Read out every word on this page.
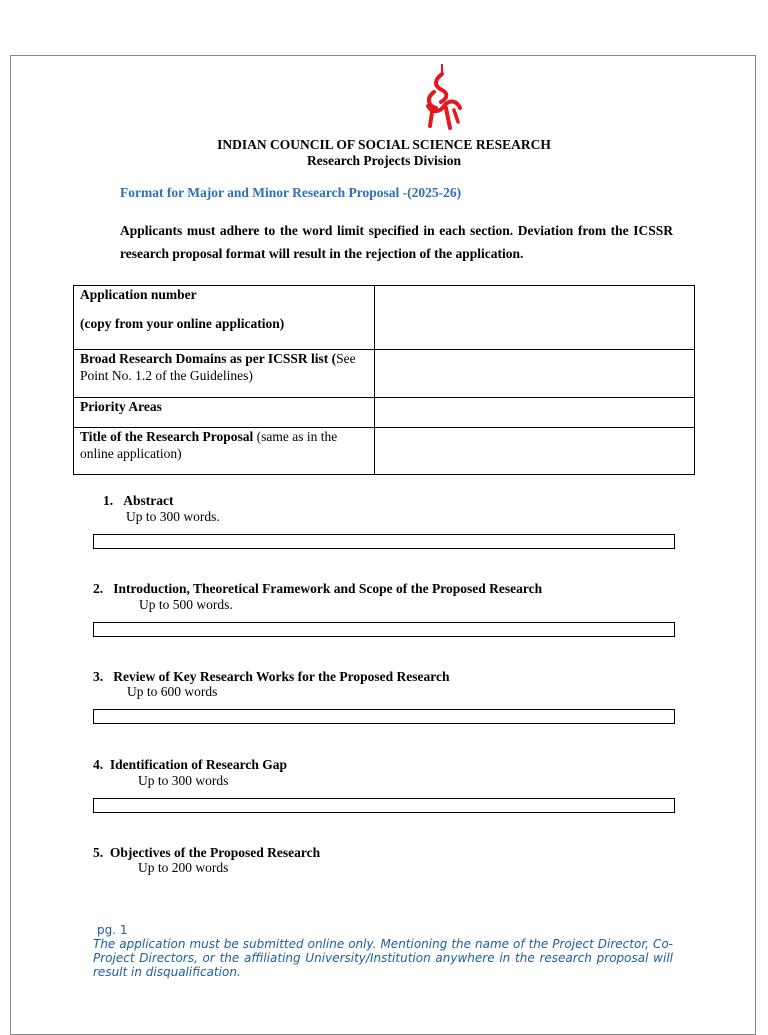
INDIAN COUNCIL OF SOCIAL SCIENCE RESEARCH
Research Projects Division
Format for Major and Minor Research Proposal -(2025-26)
Applicants must adhere to the word limit specified in each section. Deviation from the ICSSR research proposal format will result in the rejection of the application.
Application number
(copy from your online application)	

Broad Research Domains as per ICSSR list (See Point No. 1.2 of the Guidelines)	
Priority Areas	
Title of the Research Proposal (same as in the online application)	
1. Abstract
Up to 300 words.
2. Introduction, Theoretical Framework and Scope of the Proposed Research
Up to 500 words.
3. Review of Key Research Works for the Proposed Research
Up to 600 words
4. Identification of Research Gap
Up to 300 words
5. Objectives of the Proposed Research
Up to 200 words
pg. 1
The application must be submitted online only. Mentioning the name of the Project Director, Co-Project Directors, or the affiliating University/Institution anywhere in the research proposal will result in disqualification.
